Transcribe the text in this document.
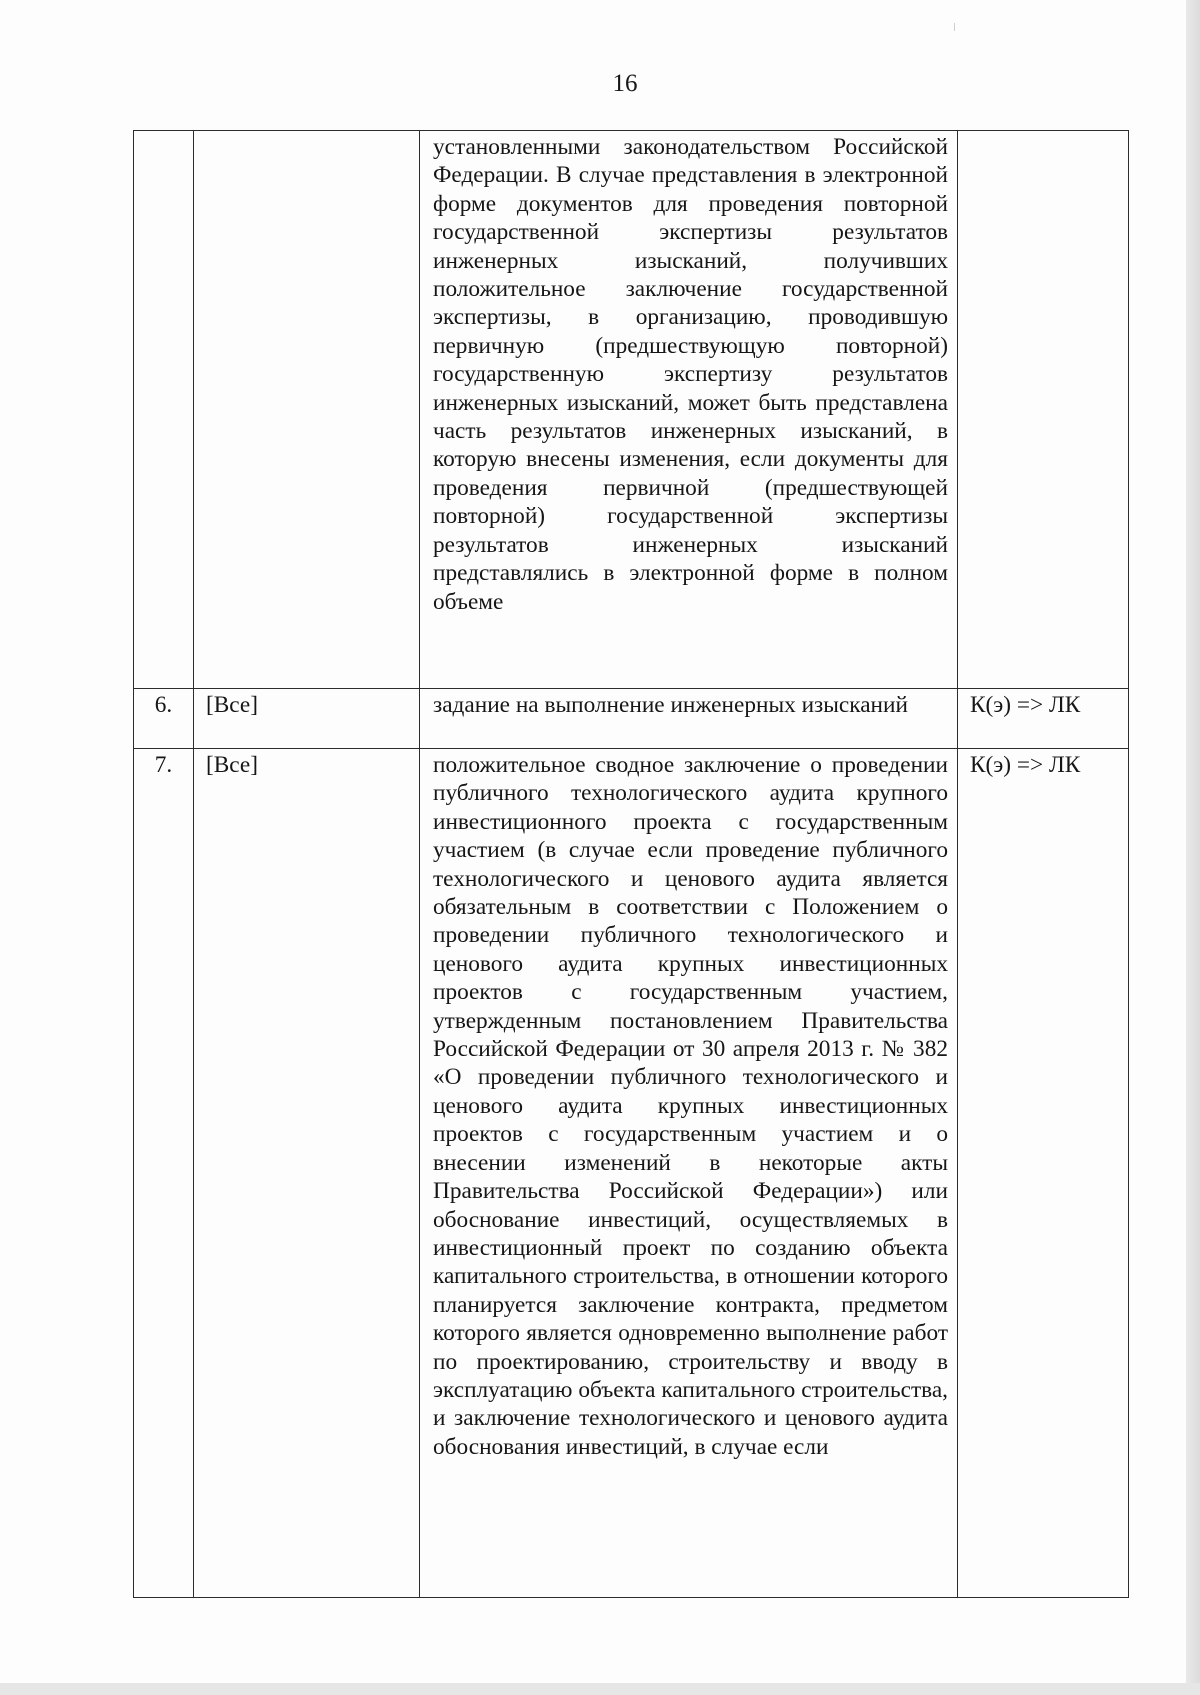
16
		установленными законодательством Российской Федерации. В случае представления в электронной форме документов для проведения повторной государственной экспертизы результатов инженерных изысканий, получивших положительное заключение государственной экспертизы, в организацию, проводившую первичную (предшествующую повторной) государственную экспертизу результатов инженерных изысканий, может быть представлена часть результатов инженерных изысканий, в которую внесены изменения, если документы для проведения первичной (предшествующей повторной) государственной экспертизы результатов инженерных изысканий представлялись в электронной форме в полном объеме	
6.	[Все]	задание на выполнение инженерных изысканий	К(э) => ЛК
7.	[Все]	положительное сводное заключение о проведении публичного технологического аудита крупного инвестиционного проекта с государственным участием (в случае если проведение публичного технологического и ценового аудита является обязательным в соответствии с Положением о проведении публичного технологического и ценового аудита крупных инвестиционных проектов с государственным участием, утвержденным постановлением Правительства Российской Федерации от 30 апреля 2013 г. № 382 «О проведении публичного технологического и ценового аудита крупных инвестиционных проектов с государственным участием и о внесении изменений в некоторые акты Правительства Российской Федерации») или обоснование инвестиций, осуществляемых в инвестиционный проект по созданию объекта капитального строительства, в отношении которого планируется заключение контракта, предметом которого является одновременно выполнение работ по проектированию, строительству и вводу в эксплуатацию объекта капитального строительства, и заключение технологического и ценового аудита обоснования инвестиций, в случае если	К(э) => ЛК
